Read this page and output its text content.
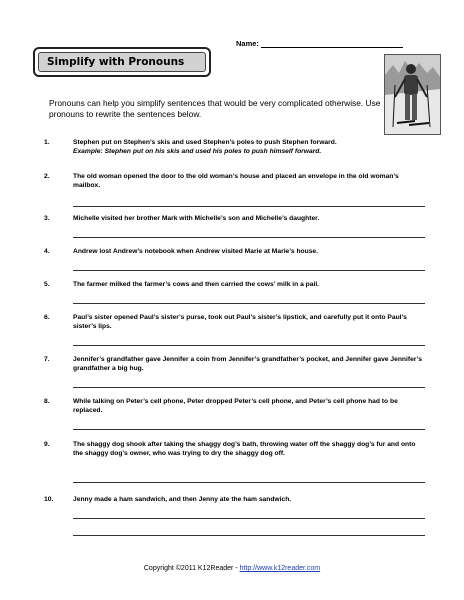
Name:
Simplify with Pronouns
Pronouns can help you simplify sentences that would be very complicated otherwise. Use pronouns to rewrite the sentences below.
1.	Stephen put on Stephen’s skis and used Stephen’s poles to push Stephen forward.
Example: Stephen put on his skis and used his poles to push himself forward.
2.	The old woman opened the door to the old woman’s house and placed an envelope in the old woman’s mailbox.
3.	Michelle visited her brother Mark with Michelle’s son and Michelle’s daughter.
4.	Andrew lost Andrew’s notebook when Andrew visited Marie at Marie’s house.
5.	The farmer milked the farmer’s cows and then carried the cows’ milk in a pail.
6.	Paul’s sister opened Paul’s sister’s purse, took out Paul’s sister’s lipstick, and carefully put it onto Paul’s sister’s lips.
7.	Jennifer’s grandfather gave Jennifer a coin from Jennifer’s grandfather’s pocket, and Jennifer gave Jennifer’s grandfather a big hug.
8.	While talking on Peter’s cell phone, Peter dropped Peter’s cell phone, and Peter’s cell phone had to be replaced.
9.	The shaggy dog shook after taking the shaggy dog’s bath, throwing water off the shaggy dog’s fur and onto the shaggy dog’s owner, who was trying to dry the shaggy dog off.
10.	Jenny made a ham sandwich, and then Jenny ate the ham sandwich.
Copyright ©2011 K12Reader - http://www.k12reader.com
